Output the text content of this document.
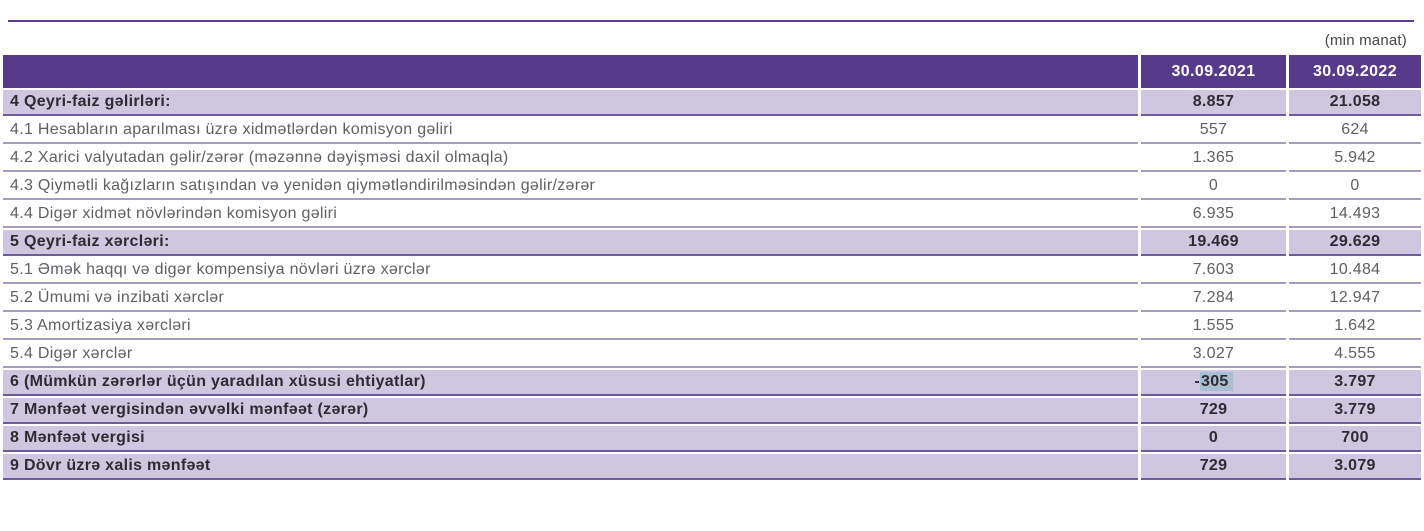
(min manat)
	30.09.2021	30.09.2022
4 Qeyri-faiz gəlirləri:	8.857	21.058
4.1 Hesabların aparılması üzrə xidmətlərdən komisyon gəliri	557	624
4.2 Xarici valyutadan gəlir/zərər (məzənnə dəyişməsi daxil olmaqla)	1.365	5.942
4.3 Qiymətli kağızların satışından və yenidən qiymətləndirilməsindən gəlir/zərər	0	0
4.4 Digər xidmət növlərindən komisyon gəliri	6.935	14.493
5 Qeyri-faiz xərcləri:	19.469	29.629
5.1 Əmək haqqı və digər kompensiya növləri üzrə xərclər	7.603	10.484
5.2 Ümumi və inzibati xərclər	7.284	12.947
5.3 Amortizasiya xərcləri	1.555	1.642
5.4 Digər xərclər	3.027	4.555
6 (Mümkün zərərlər üçün yaradılan xüsusi ehtiyatlar)	-305	3.797
7 Mənfəət vergisindən əvvəlki mənfəət (zərər)	729	3.779
8 Mənfəət vergisi	0	700
9 Dövr üzrə xalis mənfəət	729	3.079
